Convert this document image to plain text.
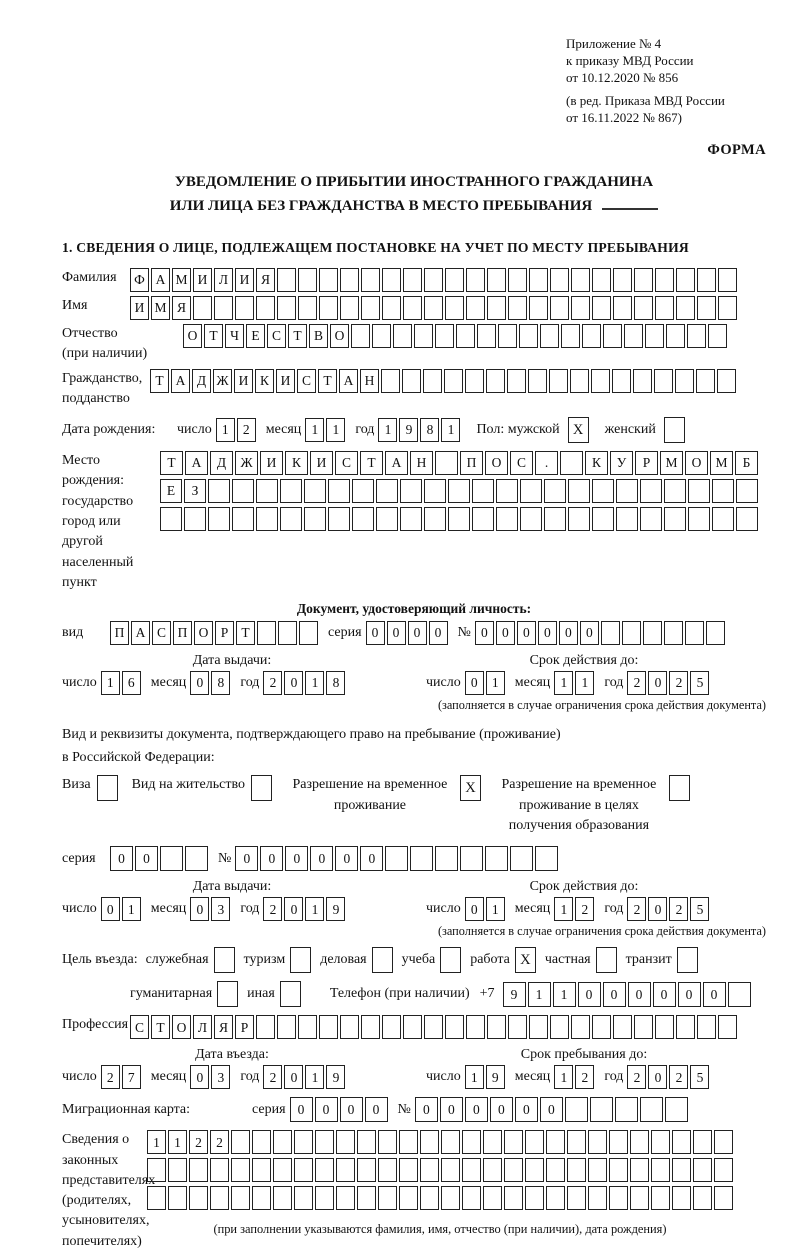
Приложение № 4
к приказу МВД России
от 10.12.2020 № 856
(в ред. Приказа МВД России
от 16.11.2022 № 867)
ФОРМА
УВЕДОМЛЕНИЕ О ПРИБЫТИИ ИНОСТРАННОГО ГРАЖДАНИНА
ИЛИ ЛИЦА БЕЗ ГРАЖДАНСТВА В МЕСТО ПРЕБЫВАНИЯ
1. СВЕДЕНИЯ О ЛИЦЕ, ПОДЛЕЖАЩЕМ ПОСТАНОВКЕ НА УЧЕТ ПО МЕСТУ ПРЕБЫВАНИЯ
Фамилия	Ф А М И Л И Я
Имя	И М Я
Отчество
(при наличии)
О Т Ч Е С Т В О
Гражданство,
подданство
Т А Д Ж И К И С Т А Н
Дата рождения:	число 1	2	месяц 1	1	год 1	9	8	1	Пол: мужской X	женский
Место рождения:
государство
город или другой
населенный пункт
Т	А	Д	Ж	И	К	И	С	Т	А	Н	П	О	С	.	К	У	Р	М	О	М	Б
Е	З
Документ, удостоверяющий личность:
вид	П А С П О Р Т	серия 0	0	0	0	№ 0	0	0	0	0	0
Дата выдачи:	Срок действия до:
число 1	6	месяц 0	8	год 2	0	1	8	число 0	1	месяц 1	1	год 2	0	2	5
(заполняется в случае ограничения срока действия документа)
Вид и реквизиты документа, подтверждающего право на пребывание (проживание)
в Российской Федерации:
Виза	Вид на жительство	Разрешение на временное проживание
X	Разрешение на временное проживание в целях получения образования
серия	0	0	№ 0	0	0	0	0	0
Дата выдачи:	Срок действия до:
число 0	1	месяц 0	3	год 2	0	1	9	число 0	1	месяц 1	2	год 2	0	2	5
(заполняется в случае ограничения срока действия документа)
Цель въезда: служебная	туризм	деловая	учеба	работа X	частная	транзит
гуманитарная	иная	Телефон (при наличии) +7	9	1	1	0	0	0	0	0	0
Профессия С Т О Л Я Р
Дата въезда:	Срок пребывания до:
число 2	7	месяц 0	3	год 2	0	1	9	число 1	9	месяц 1	2	год 2	0	2	5
Миграционная карта:	серия 0	0	0	0	№ 0	0	0	0	0	0
Сведения о
законных
представителях
(родителях,
усыновителях,
попечителях)
1	1	2	2
(при заполнении указываются фамилия, имя, отчество (при наличии), дата рождения)
